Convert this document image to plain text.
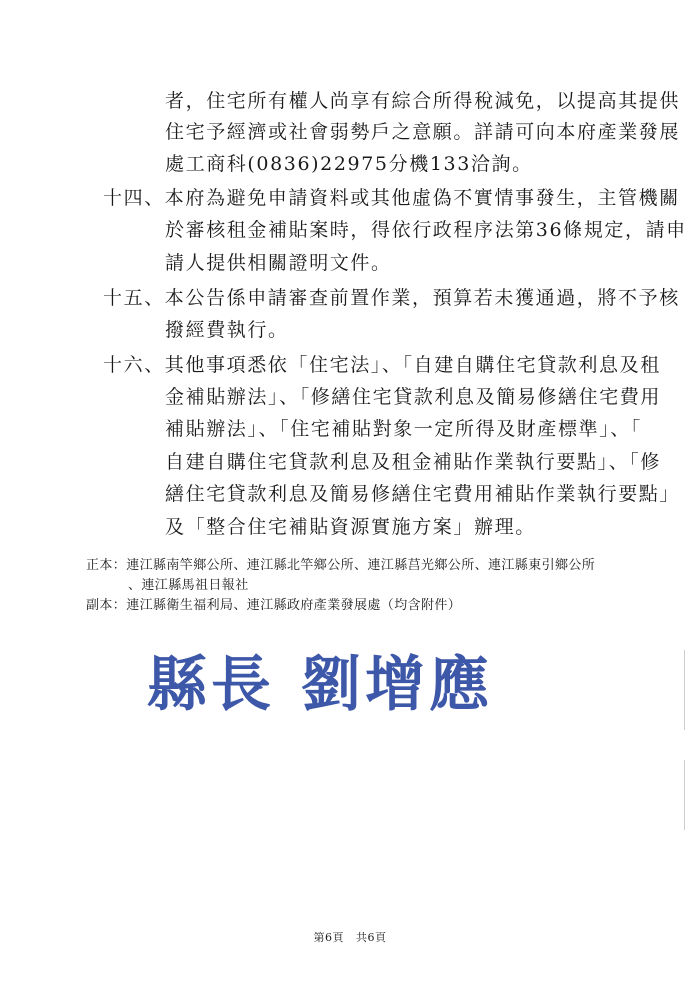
者，住宅所有權人尚享有綜合所得稅減免，以提高其提供
住宅予經濟或社會弱勢戶之意願。詳請可向本府產業發展
處工商科(0836)22975分機133洽詢。
十四、本府為避免申請資料或其他虛偽不實情事發生，主管機關
於審核租金補貼案時，得依行政程序法第36條規定，請申
請人提供相關證明文件。
十五、本公告係申請審查前置作業，預算若未獲通過，將不予核
撥經費執行。
十六、其他事項悉依「住宅法」、「自建自購住宅貸款利息及租
金補貼辦法」、「修繕住宅貸款利息及簡易修繕住宅費用
補貼辦法」、「住宅補貼對象一定所得及財產標準」、「
自建自購住宅貸款利息及租金補貼作業執行要點」、「修
繕住宅貸款利息及簡易修繕住宅費用補貼作業執行要點」
及「整合住宅補貼資源實施方案」辦理。
正本：連江縣南竿鄉公所、連江縣北竿鄉公所、連江縣莒光鄉公所、連江縣東引鄉公所
、連江縣馬祖日報社
副本：連江縣衛生福利局、連江縣政府產業發展處（均含附件）
縣長 劉增應
第6頁 共6頁
